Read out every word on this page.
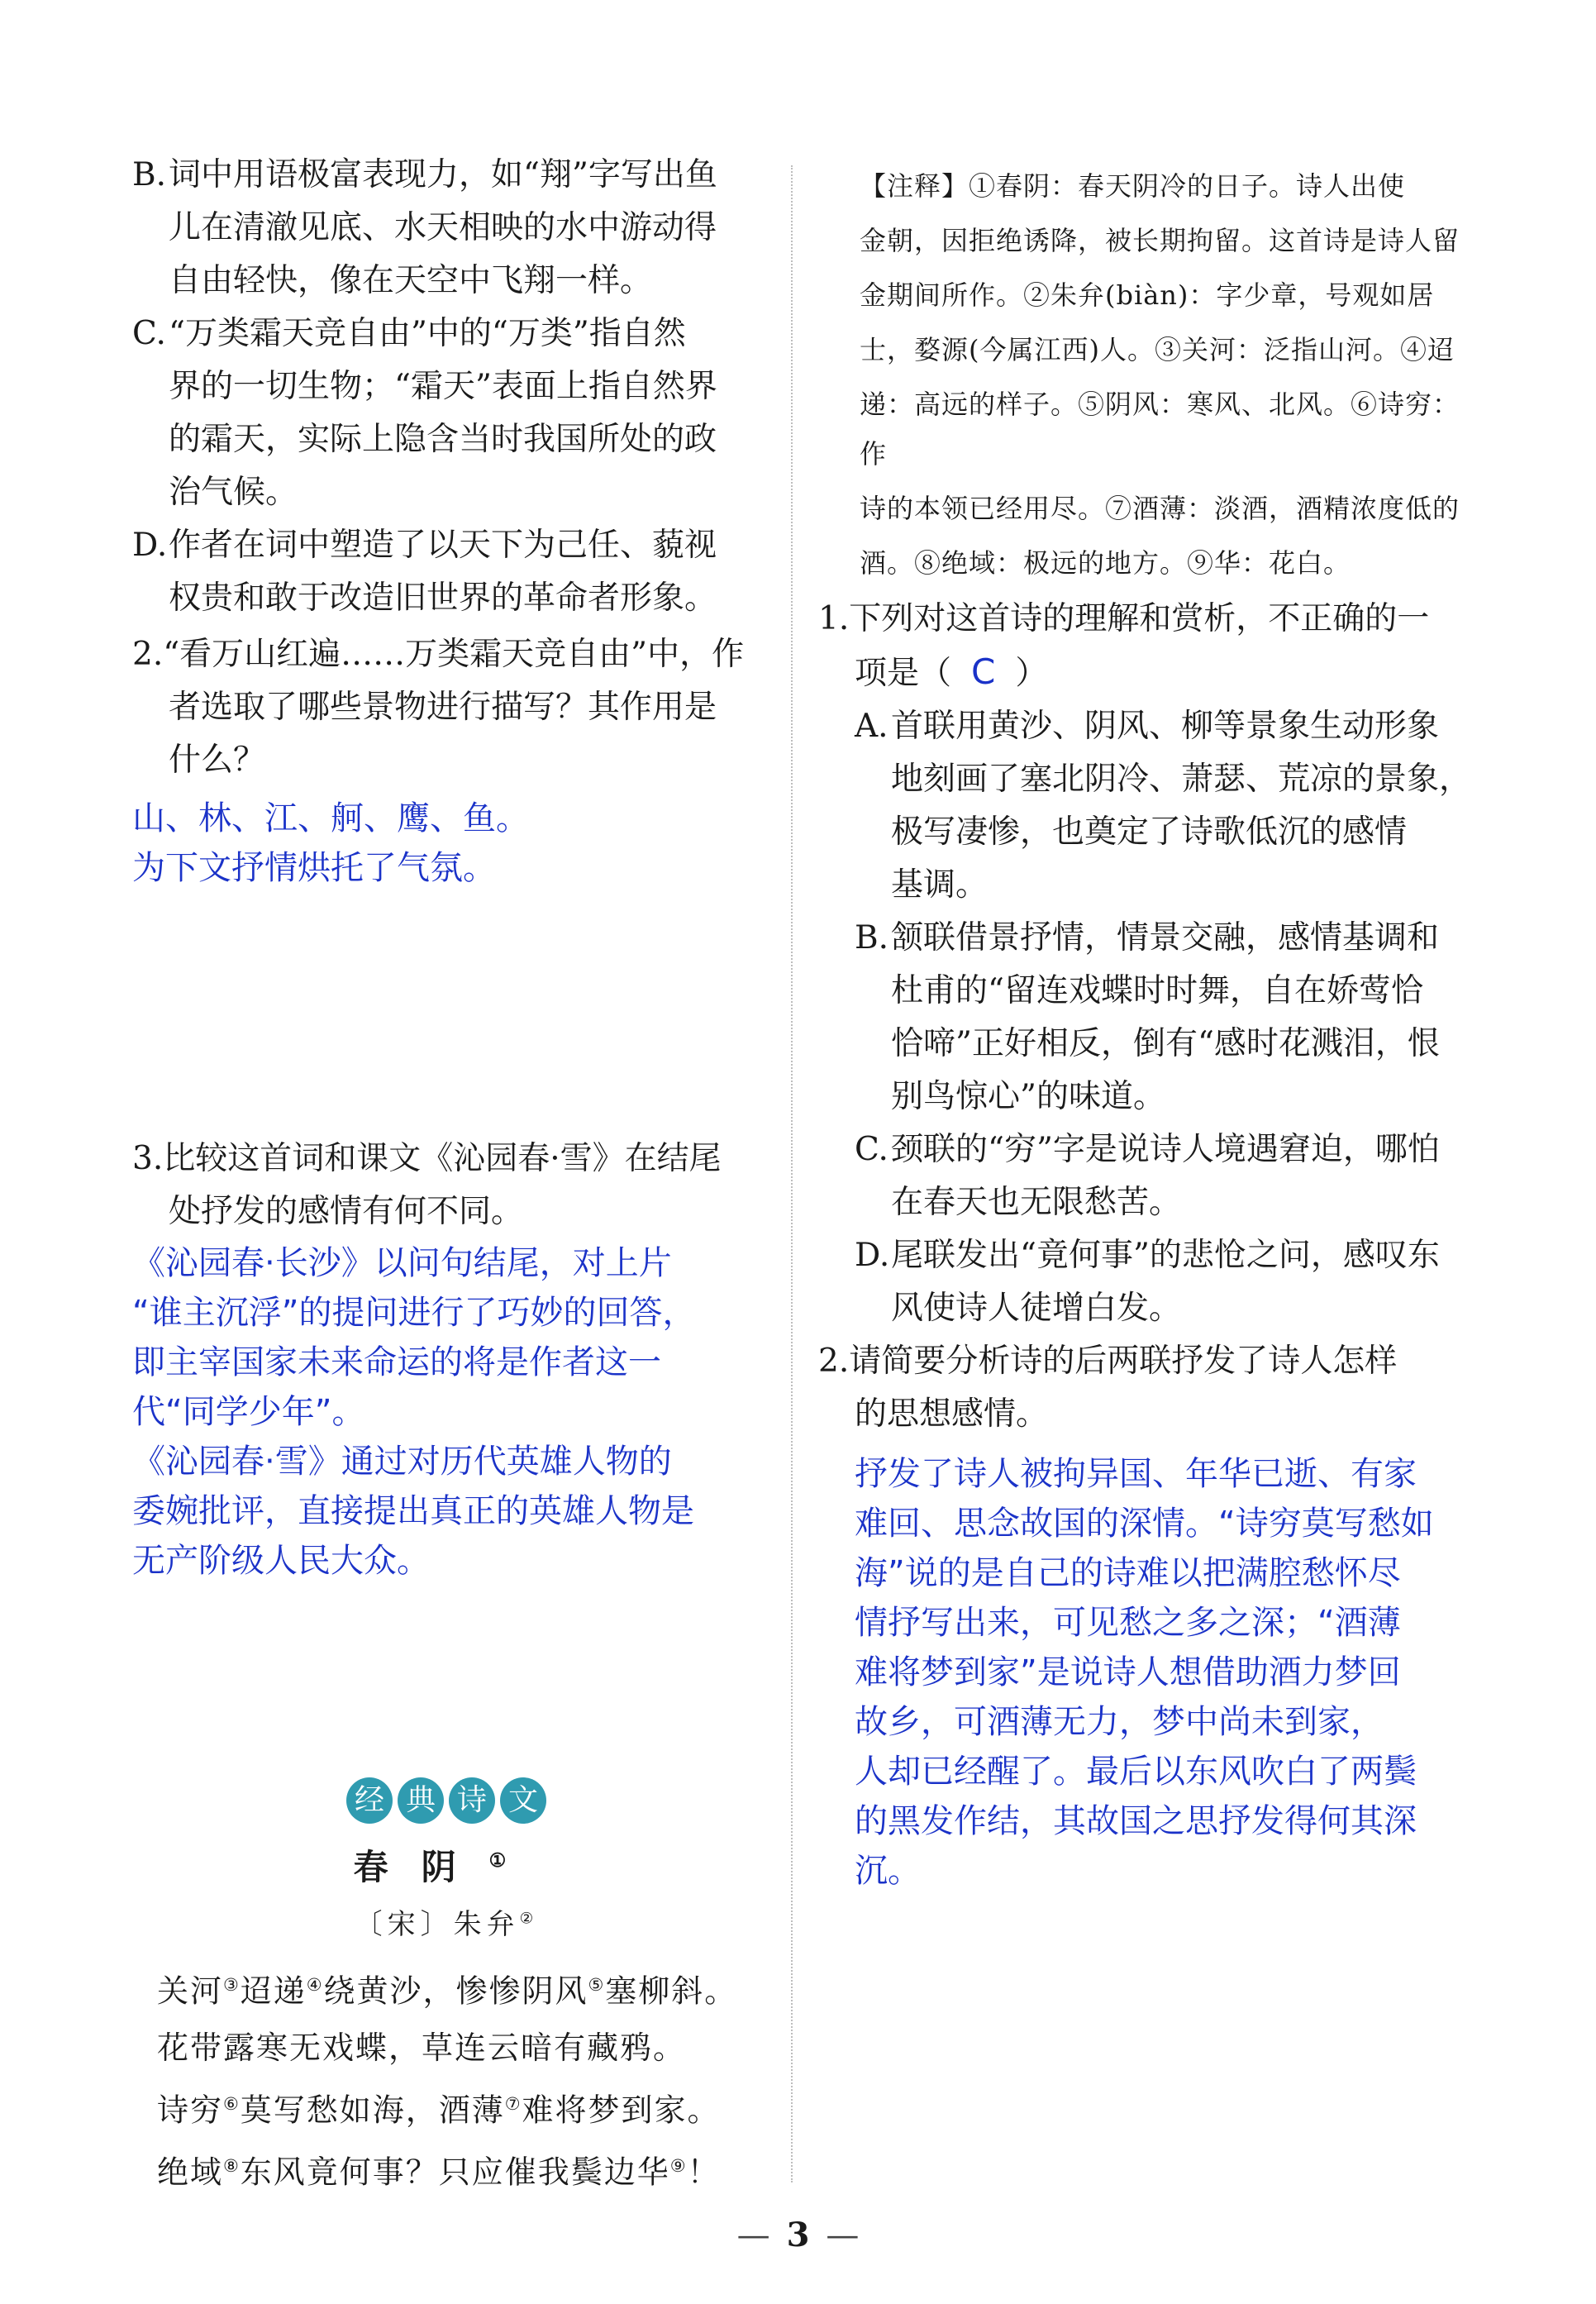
B.词中用语极富表现力，如“翔”字写出鱼
儿在清澈见底、水天相映的水中游动得
自由轻快，像在天空中飞翔一样。
C.“万类霜天竞自由”中的“万类”指自然
界的一切生物；“霜天”表面上指自然界
的霜天，实际上隐含当时我国所处的政
治气候。
D.作者在词中塑造了以天下为己任、藐视
权贵和敢于改造旧世界的革命者形象。
2.“看万山红遍……万类霜天竞自由”中，作
者选取了哪些景物进行描写？其作用是
什么？
山、林、江、舸、鹰、鱼。
为下文抒情烘托了气氛。
3.比较这首词和课文《沁园春·雪》在结尾
处抒发的感情有何不同。
《沁园春·长沙》以问句结尾，对上片
“谁主沉浮”的提问进行了巧妙的回答，
即主宰国家未来命运的将是作者这一
代“同学少年”。
《沁园春·雪》通过对历代英雄人物的
委婉批评，直接提出真正的英雄人物是
无产阶级人民大众。
经 典 诗 文
春阴①
〔宋〕朱弁②

关河③迢递④绕黄沙，惨惨阴风⑤塞柳斜。

花带露寒无戏蝶，草连云暗有藏鸦。

诗穷⑥莫写愁如海，酒薄⑦难将梦到家。

绝域⑧东风竟何事？只应催我鬓边华⑨！

【注释】①春阴：春天阴冷的日子。诗人出使
金朝，因拒绝诱降，被长期拘留。这首诗是诗人留
金期间所作。②朱弁(biàn)：字少章，号观如居
士，婺源(今属江西)人。③关河：泛指山河。④迢
递：高远的样子。⑤阴风：寒风、北风。⑥诗穷：作
诗的本领已经用尽。⑦酒薄：淡酒，酒精浓度低的
酒。⑧绝域：极远的地方。⑨华：花白。
1.下列对这首诗的理解和赏析，不正确的一
项是（ C ）
A.首联用黄沙、阴风、柳等景象生动形象
地刻画了塞北阴冷、萧瑟、荒凉的景象，
极写凄惨，也奠定了诗歌低沉的感情
基调。
B.颔联借景抒情，情景交融，感情基调和
杜甫的“留连戏蝶时时舞，自在娇莺恰
恰啼”正好相反，倒有“感时花溅泪，恨
别鸟惊心”的味道。
C.颈联的“穷”字是说诗人境遇窘迫，哪怕
在春天也无限愁苦。
D.尾联发出“竟何事”的悲怆之问，感叹东
风使诗人徒增白发。
2.请简要分析诗的后两联抒发了诗人怎样
的思想感情。
抒发了诗人被拘异国、年华已逝、有家
难回、思念故国的深情。“诗穷莫写愁如
海”说的是自己的诗难以把满腔愁怀尽
情抒写出来，可见愁之多之深；“酒薄
难将梦到家”是说诗人想借助酒力梦回
故乡，可酒薄无力，梦中尚未到家，
人却已经醒了。最后以东风吹白了两鬓
的黑发作结，其故国之思抒发得何其深
沉。
— 3 —
